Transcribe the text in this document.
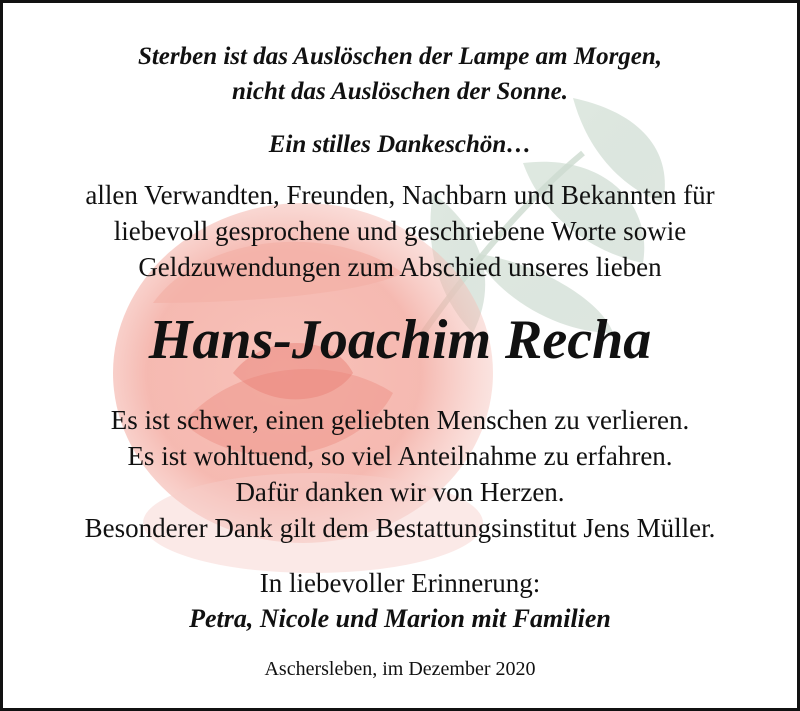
Sterben ist das Auslöschen der Lampe am Morgen,
nicht das Auslöschen der Sonne.
Ein stilles Dankeschön…
allen Verwandten, Freunden, Nachbarn und Bekannten für
liebevoll gesprochene und geschriebene Worte sowie
Geldzuwendungen zum Abschied unseres lieben
Hans-Joachim Recha
Es ist schwer, einen geliebten Menschen zu verlieren.
Es ist wohltuend, so viel Anteilnahme zu erfahren.
Dafür danken wir von Herzen.
Besonderer Dank gilt dem Bestattungsinstitut Jens Müller.
In liebevoller Erinnerung:
Petra, Nicole und Marion mit Familien
Aschersleben, im Dezember 2020
